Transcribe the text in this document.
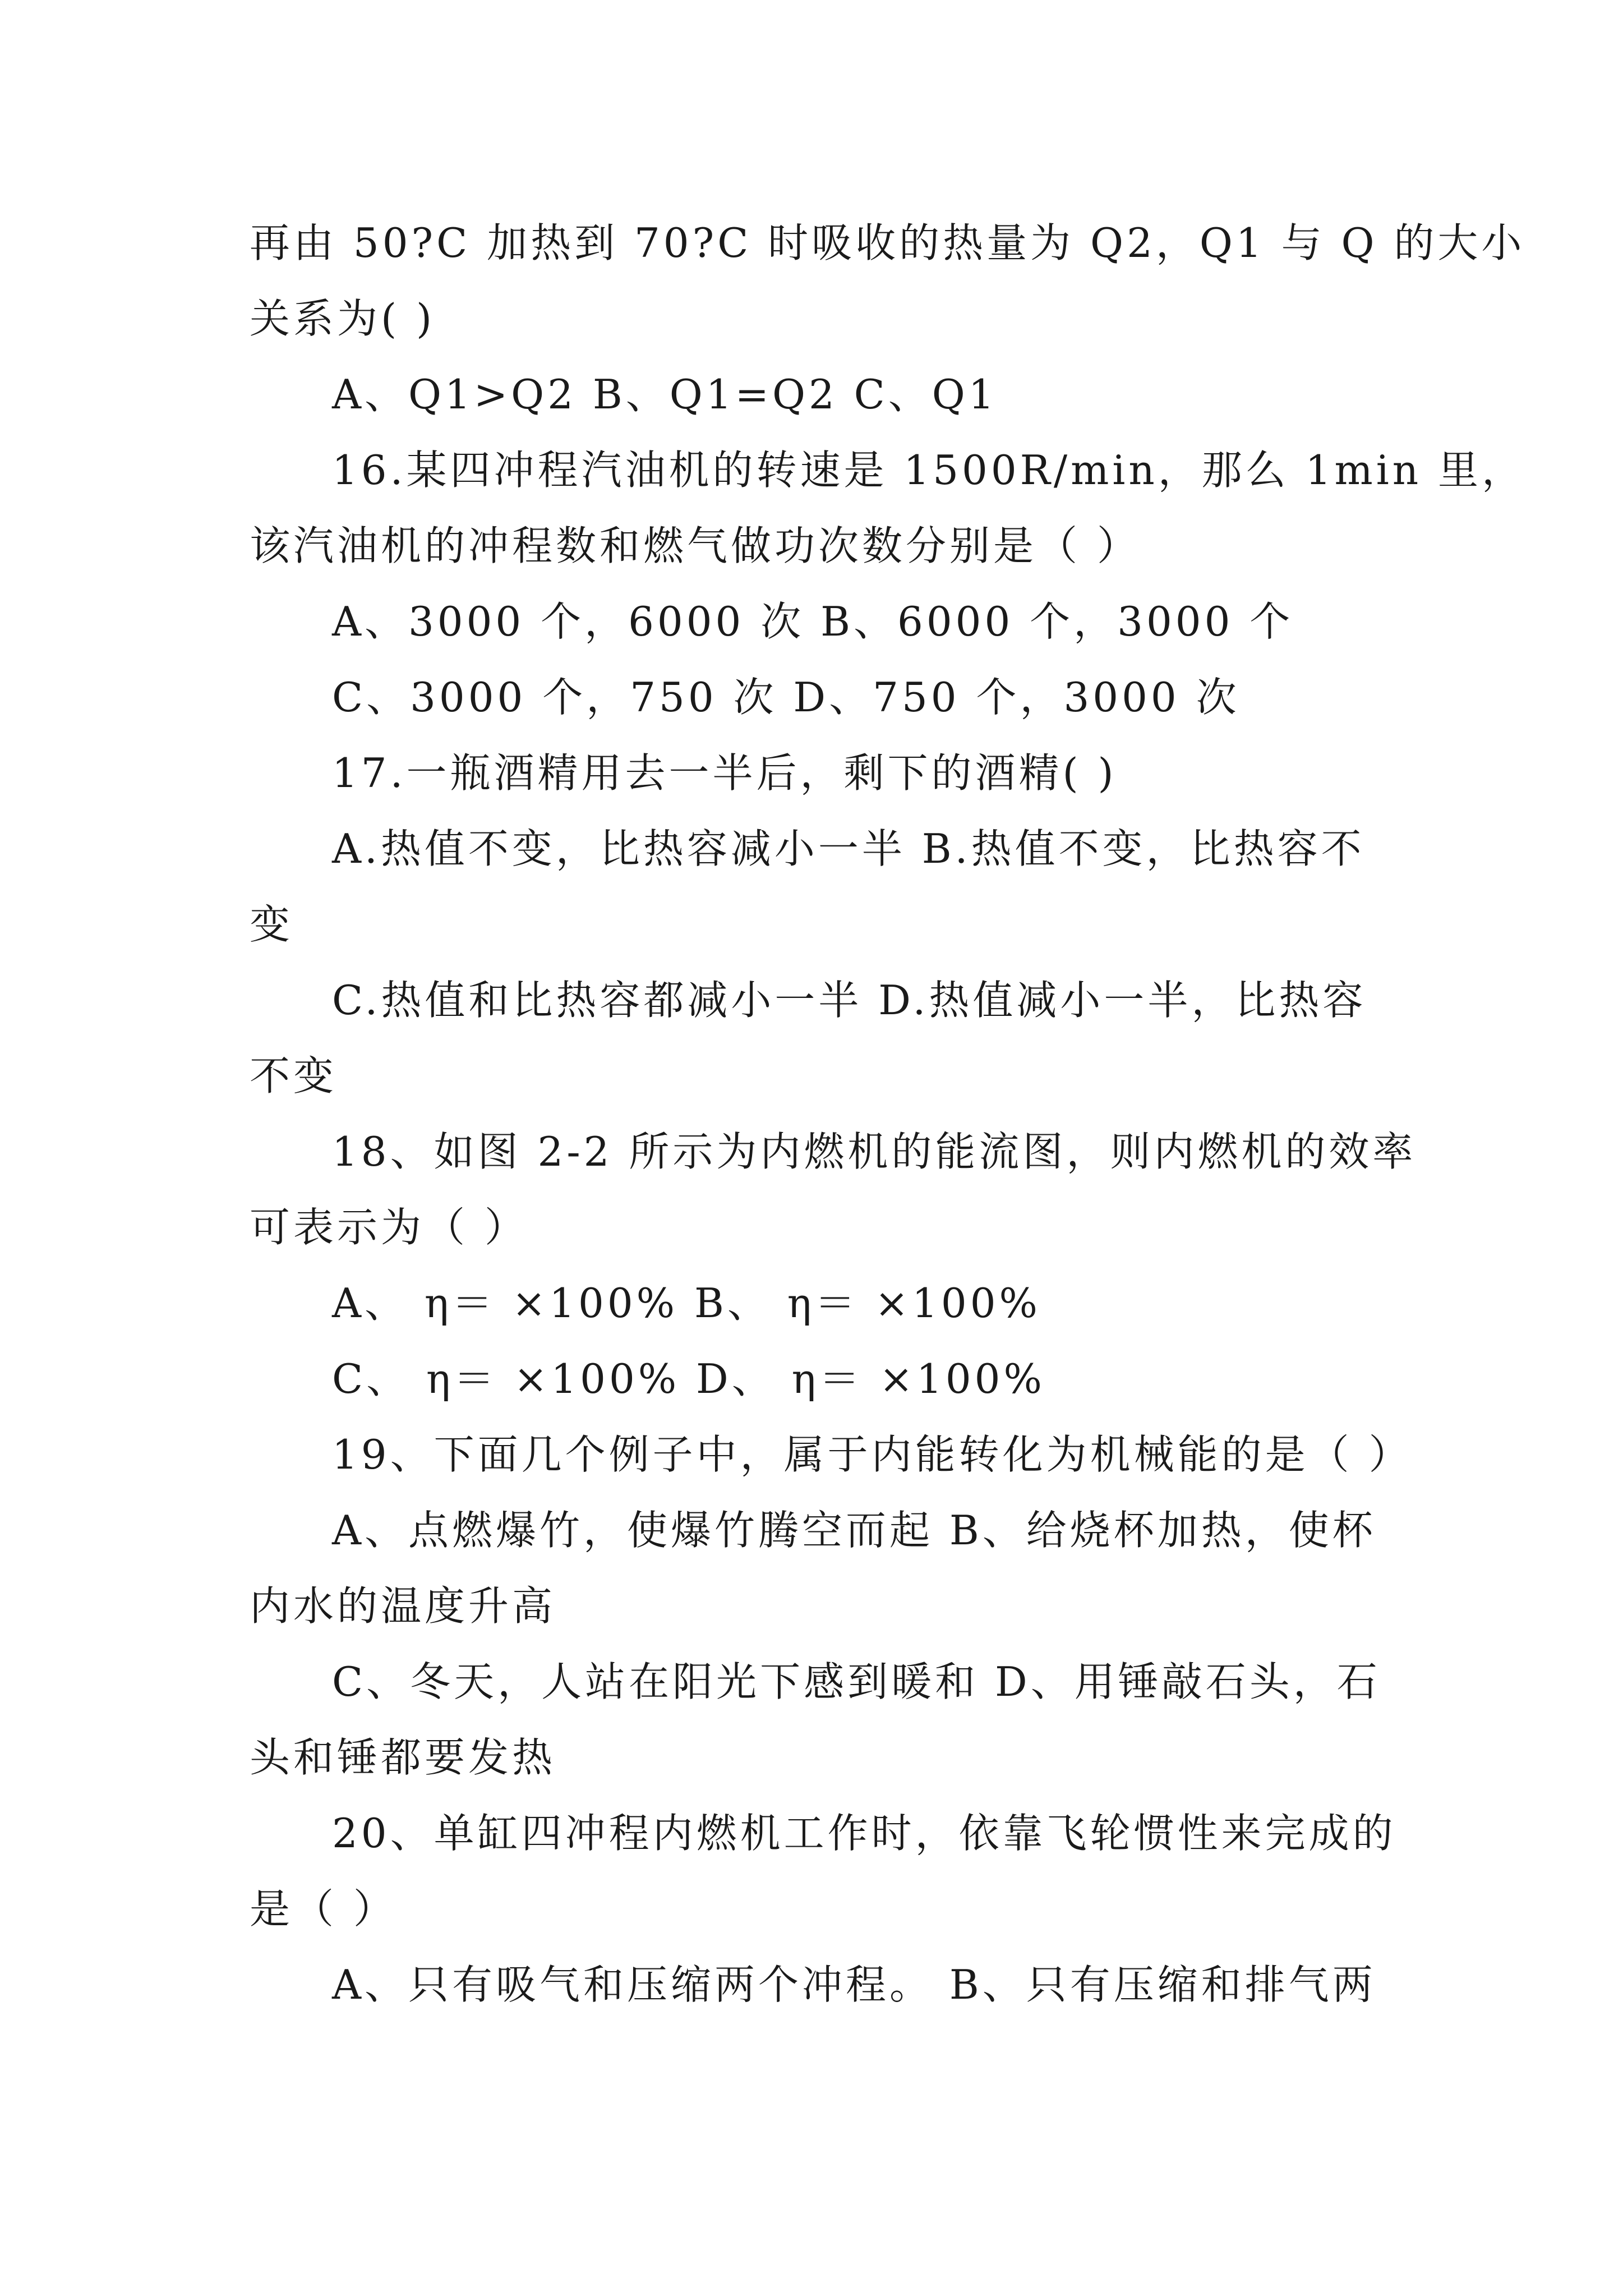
再由 50?C 加热到 70?C 时吸收的热量为 Q2，Q1 与 Q 的大小
关系为( )
A、Q1>Q2 B、Q1=Q2 C、Q1
16.某四冲程汽油机的转速是 1500R/min，那么 1min 里，
该汽油机的冲程数和燃气做功次数分别是（ ）
A、3000 个，6000 次 B、6000 个，3000 个
C、3000 个，750 次 D、750 个，3000 次
17.一瓶酒精用去一半后，剩下的酒精( )
A.热值不变，比热容减小一半 B.热值不变，比热容不
变
C.热值和比热容都减小一半 D.热值减小一半，比热容
不变
18、如图 2-2 所示为内燃机的能流图，则内燃机的效率
可表示为（ ）
A、 η＝ ×100% B、 η＝ ×100%
C、 η＝ ×100% D、 η＝ ×100%
19、下面几个例子中，属于内能转化为机械能的是（ ）
A、点燃爆竹，使爆竹腾空而起 B、给烧杯加热，使杯
内水的温度升高
C、冬天，人站在阳光下感到暖和 D、用锤敲石头，石
头和锤都要发热
20、单缸四冲程内燃机工作时，依靠飞轮惯性来完成的
是（ ）
A、只有吸气和压缩两个冲程。 B、只有压缩和排气两
